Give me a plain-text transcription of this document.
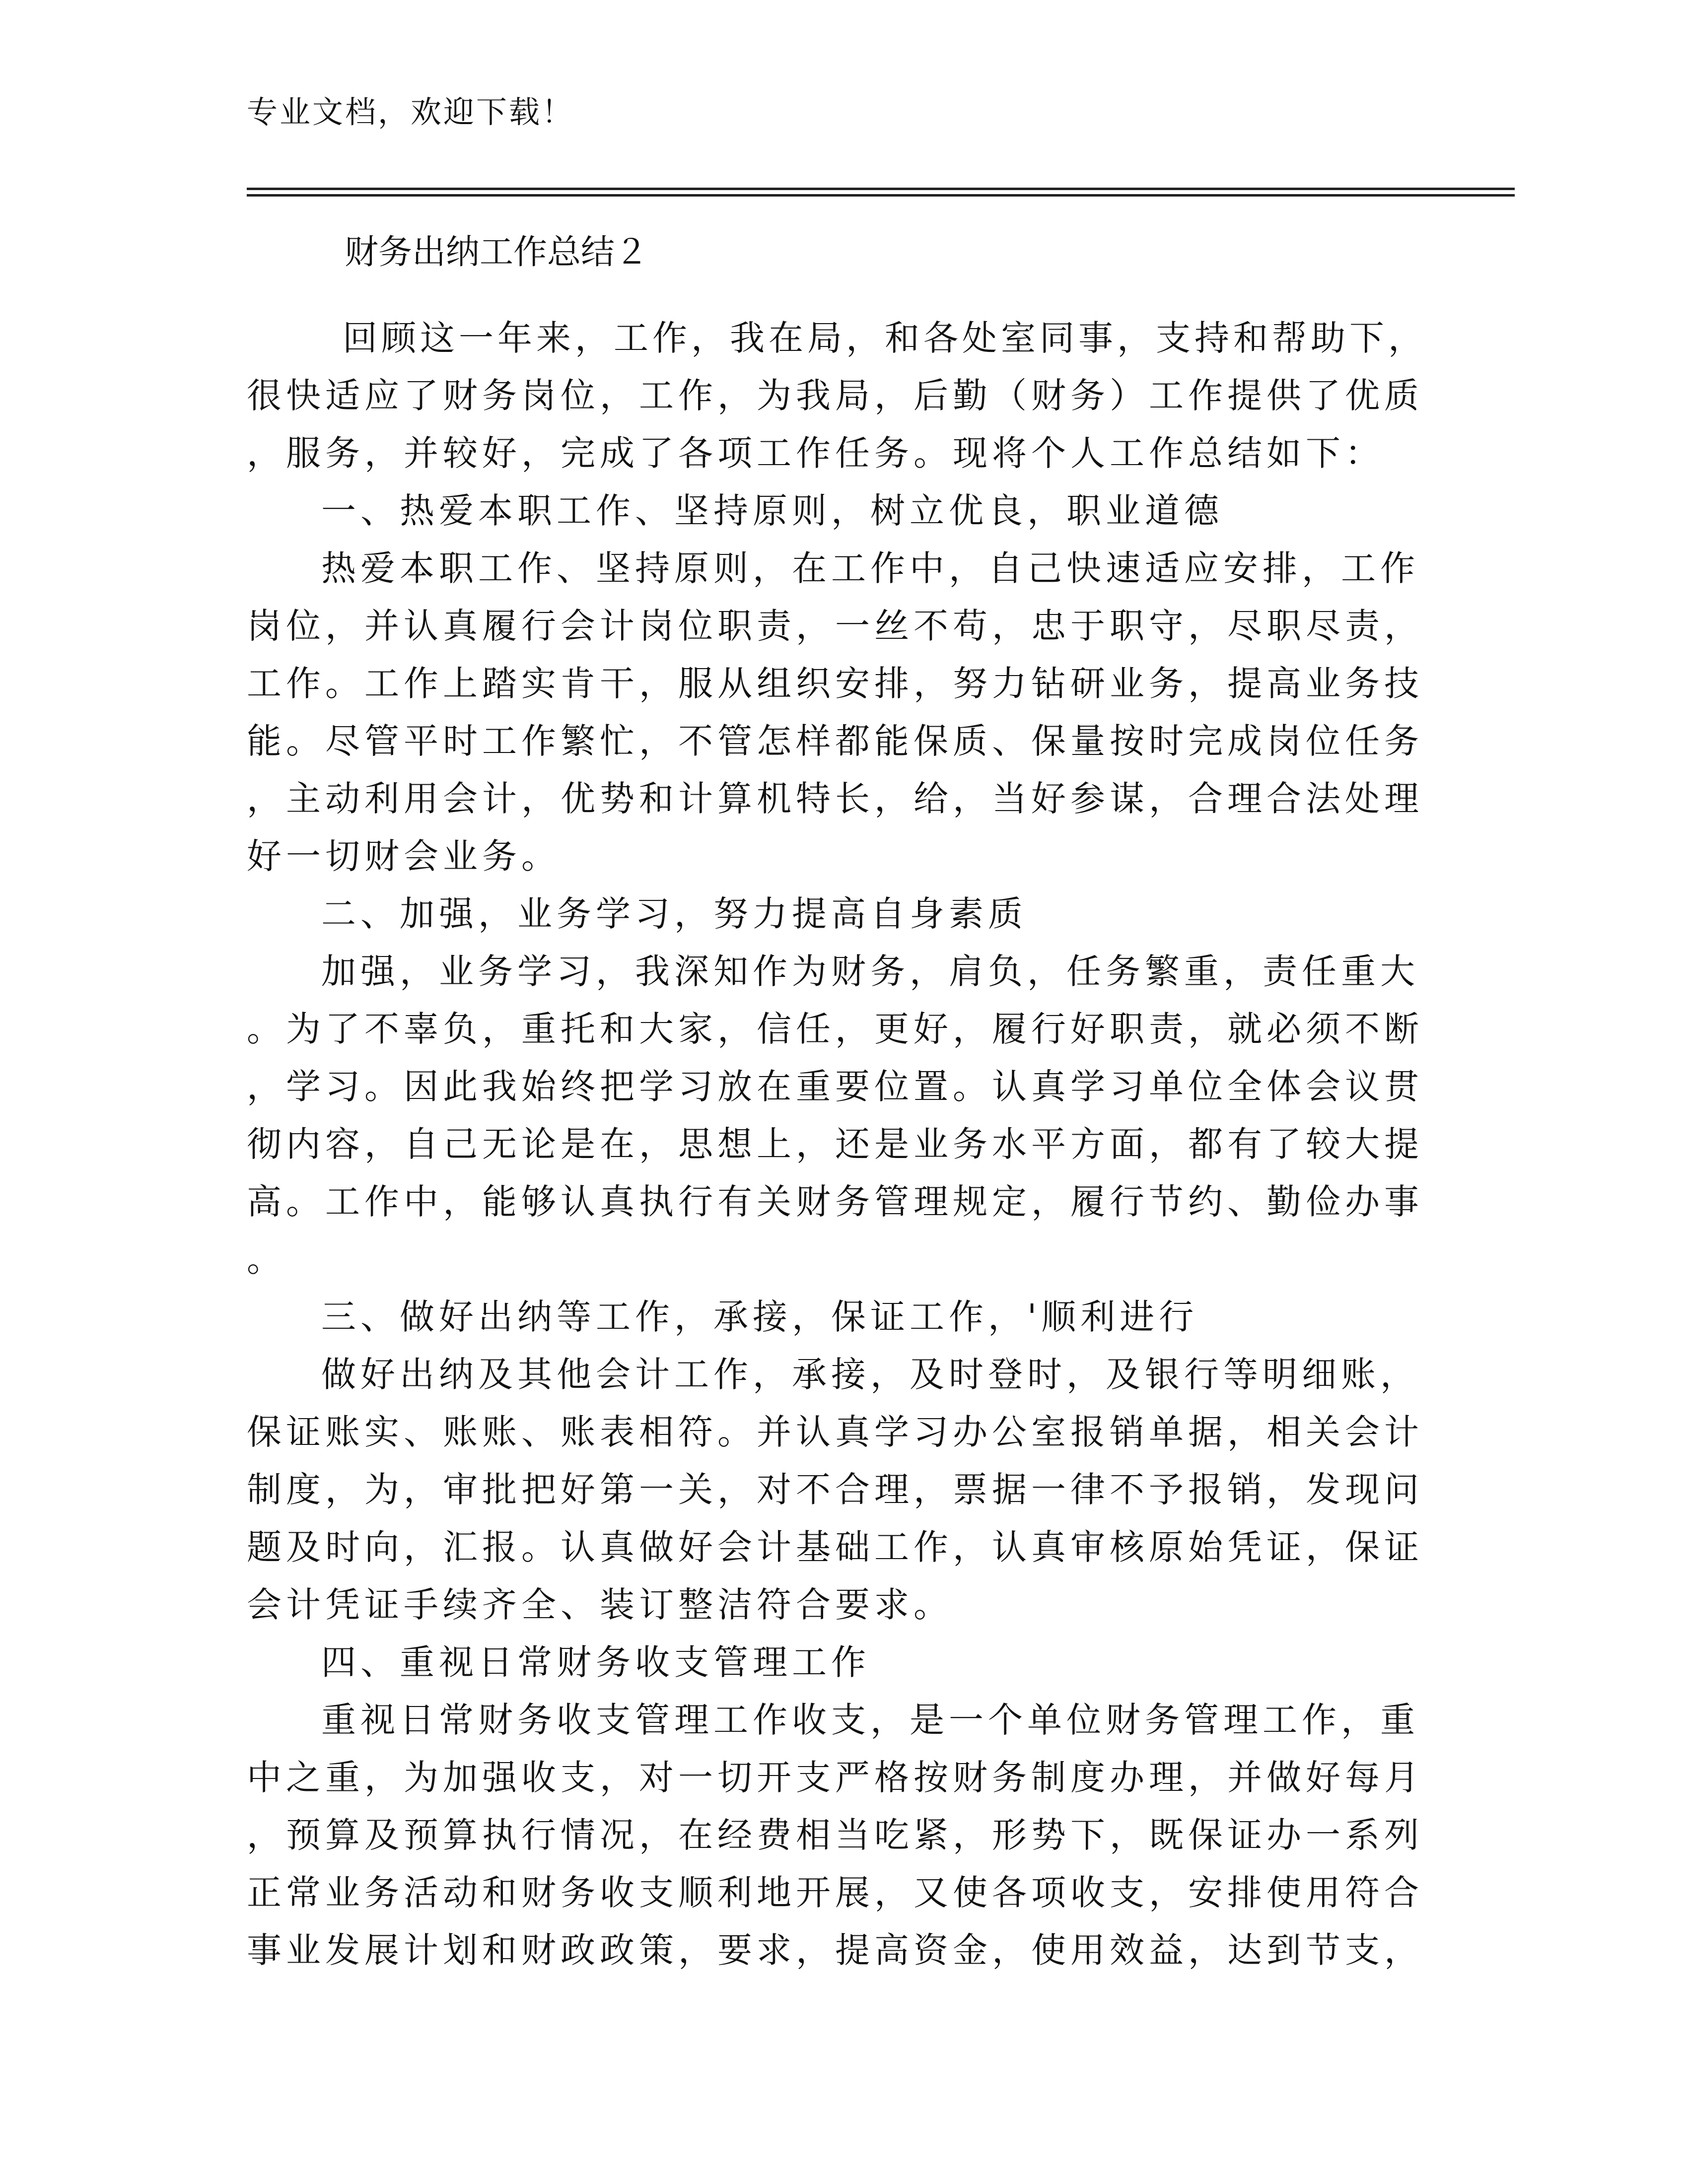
专业文档，欢迎下载！
财务出纳工作总结２
回顾这一年来，工作，我在局，和各处室同事，支持和帮助下，
很快适应了财务岗位，工作，为我局，后勤（财务）工作提供了优质
，服务，并较好，完成了各项工作任务。现将个人工作总结如下：
一、热爱本职工作、坚持原则，树立优良，职业道德
热爱本职工作、坚持原则，在工作中，自己快速适应安排，工作
岗位，并认真履行会计岗位职责，一丝不苟，忠于职守，尽职尽责，
工作。工作上踏实肯干，服从组织安排，努力钻研业务，提高业务技
能。尽管平时工作繁忙，不管怎样都能保质、保量按时完成岗位任务
，主动利用会计，优势和计算机特长，给，当好参谋，合理合法处理
好一切财会业务。
二、加强，业务学习，努力提高自身素质
加强，业务学习，我深知作为财务，肩负，任务繁重，责任重大
。为了不辜负，重托和大家，信任，更好，履行好职责，就必须不断
，学习。因此我始终把学习放在重要位置。认真学习单位全体会议贯
彻内容，自己无论是在，思想上，还是业务水平方面，都有了较大提
高。工作中，能够认真执行有关财务管理规定，履行节约、勤俭办事
。
三、做好出纳等工作，承接，保证工作，'顺利进行
做好出纳及其他会计工作，承接，及时登时，及银行等明细账，
保证账实、账账、账表相符。并认真学习办公室报销单据，相关会计
制度，为，审批把好第一关，对不合理，票据一律不予报销，发现问
题及时向，汇报。认真做好会计基础工作，认真审核原始凭证，保证
会计凭证手续齐全、装订整洁符合要求。
四、重视日常财务收支管理工作
重视日常财务收支管理工作收支，是一个单位财务管理工作，重
中之重，为加强收支，对一切开支严格按财务制度办理，并做好每月
，预算及预算执行情况，在经费相当吃紧，形势下，既保证办一系列
正常业务活动和财务收支顺利地开展，又使各项收支，安排使用符合
事业发展计划和财政政策，要求，提高资金，使用效益，达到节支，
